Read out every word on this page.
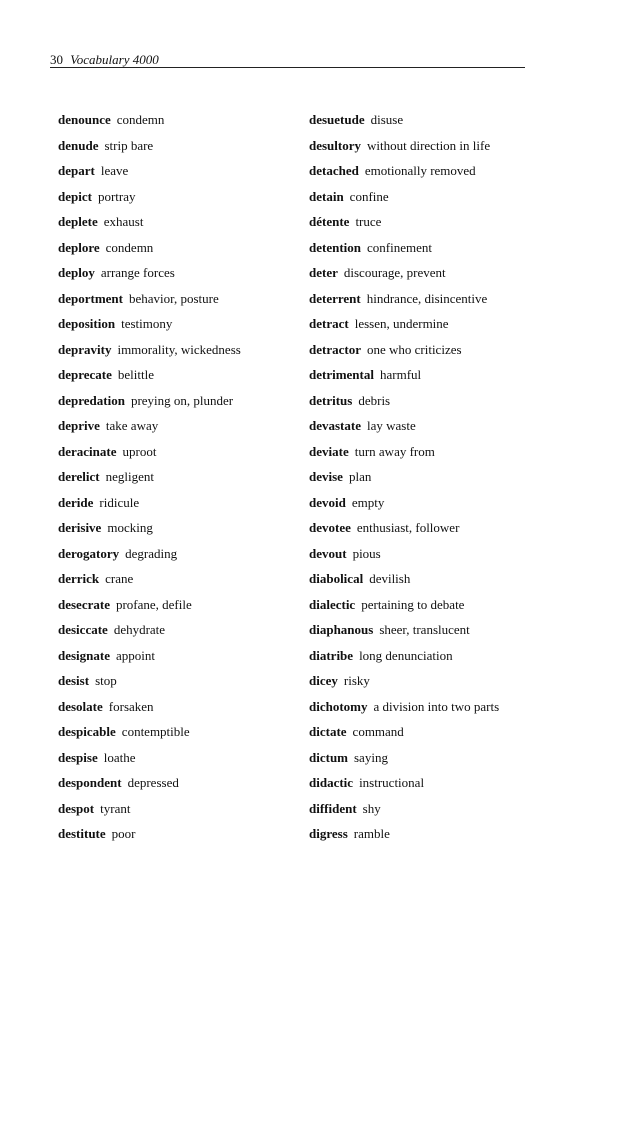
30 Vocabulary 4000
denounce condemn
denude strip bare
depart leave
depict portray
deplete exhaust
deplore condemn
deploy arrange forces
deportment behavior, posture
deposition testimony
depravity immorality, wickedness
deprecate belittle
depredation preying on, plunder
deprive take away
deracinate uproot
derelict negligent
deride ridicule
derisive mocking
derogatory degrading
derrick crane
desecrate profane, defile
desiccate dehydrate
designate appoint
desist stop
desolate forsaken
despicable contemptible
despise loathe
despondent depressed
despot tyrant
destitute poor
desuetude disuse
desultory without direction in life
detached emotionally removed
detain confine
détente truce
detention confinement
deter discourage, prevent
deterrent hindrance, disincentive
detract lessen, undermine
detractor one who criticizes
detrimental harmful
detritus debris
devastate lay waste
deviate turn away from
devise plan
devoid empty
devotee enthusiast, follower
devout pious
diabolical devilish
dialectic pertaining to debate
diaphanous sheer, translucent
diatribe long denunciation
dicey risky
dichotomy a division into two parts
dictate command
dictum saying
didactic instructional
diffident shy
digress ramble
